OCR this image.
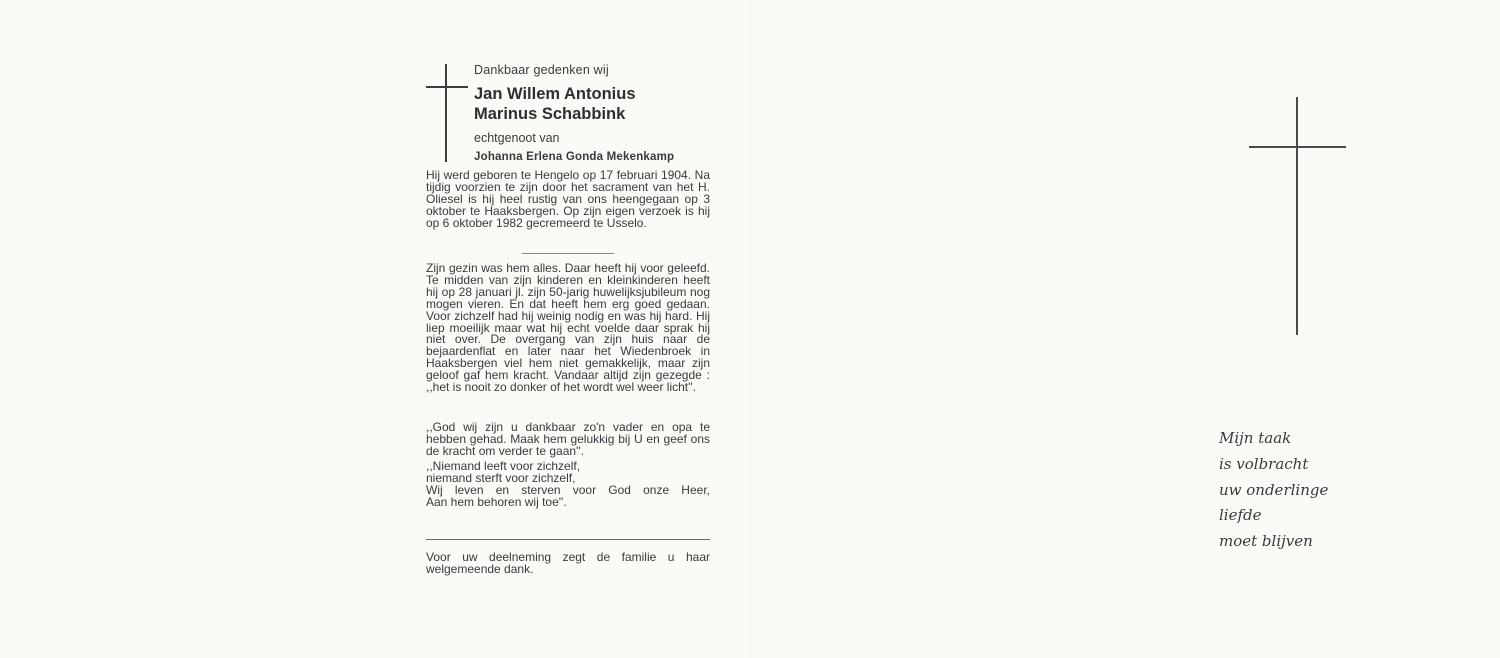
Dankbaar gedenken wij
Jan Willem Antonius
Marinus Schabbink
echtgenoot van
Johanna Erlena Gonda Mekenkamp

Hij werd geboren te Hengelo op 17 februari 1904. Na tijdig voorzien te zijn door het sacrament van het H. Oliesel is hij heel rustig van ons heengegaan op 3 oktober te Haaksbergen. Op zijn eigen verzoek is hij op 6 oktober 1982 gecremeerd te Usselo.

Zijn gezin was hem alles. Daar heeft hij voor geleefd. Te midden van zijn kinderen en kleinkinderen heeft hij op 28 januari jl. zijn 50-jarig huwelijksjubileum nog mogen vieren. En dat heeft hem erg goed gedaan. Voor zichzelf had hij weinig nodig en was hij hard. Hij liep moeilijk maar wat hij echt voelde daar sprak hij niet over. De overgang van zijn huis naar de bejaardenflat en later naar het Wiedenbroek in Haaksbergen viel hem niet gemakkelijk, maar zijn geloof gaf hem kracht. Vandaar altijd zijn gezegde : ,,het is nooit zo donker of het wordt wel weer licht''.

,,God wij zijn u dankbaar zo'n vader en opa te hebben gehad. Maak hem gelukkig bij U en geef ons de kracht om verder te gaan''.

,,Niemand leeft voor zichzelf,
niemand sterft voor zichzelf,
Wij leven en sterven voor God onze Heer,
Aan hem behoren wij toe''.

Voor uw deelneming zegt de familie u haar welgemeende dank.

Mijn taak
is volbracht
uw onderlinge
liefde
moet blijven
